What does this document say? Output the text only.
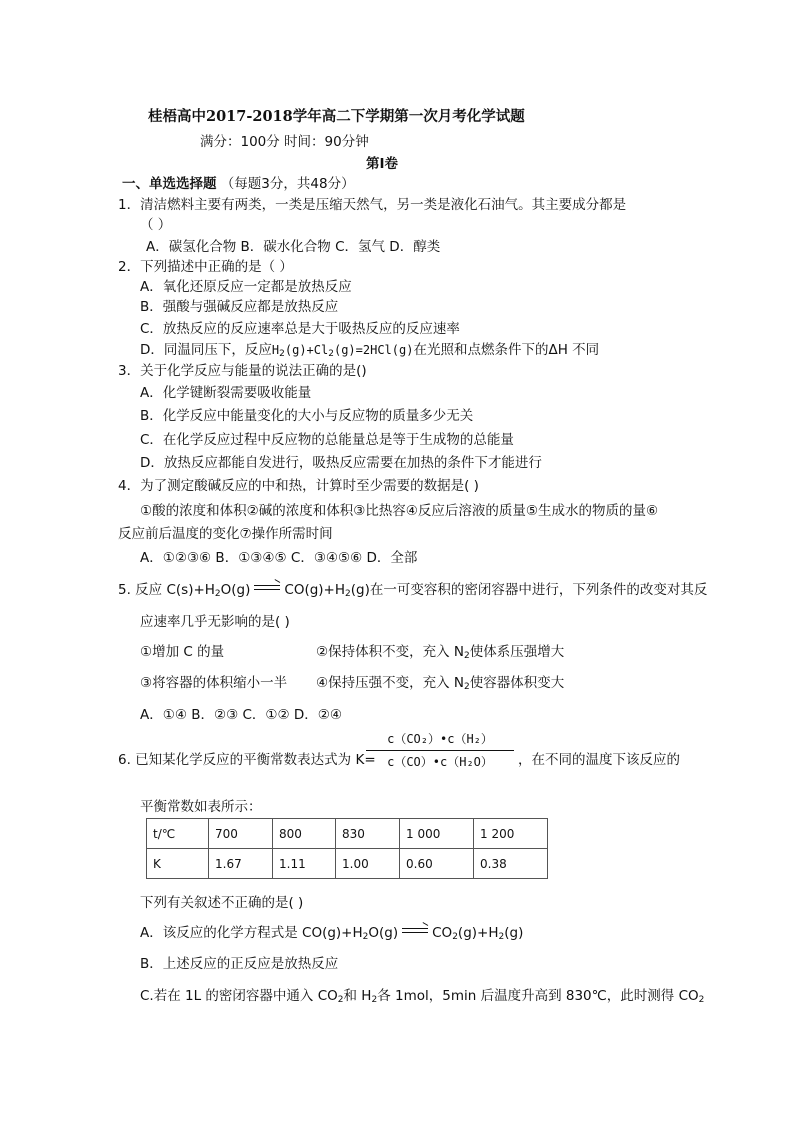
桂梧高中2017-2018学年高二下学期第一次月考化学试题
满分：100分 时间：90分钟
第I卷
一、单选选择题 （每题3分，共48分）
1．清洁燃料主要有两类，一类是压缩天然气，另一类是液化石油气。其主要成分都是
（ ）
A．碳氢化合物 B．碳水化合物 C．氢气 D．醇类
2．下列描述中正确的是（ ）
A．氧化还原反应一定都是放热反应
B．强酸与强碱反应都是放热反应
C．放热反应的反应速率总是大于吸热反应的反应速率
D．同温同压下，反应$H_2(g)+Cl_2(g)=2HCl(g)$在光照和点燃条件下的ΔH 不同
3．关于化学反应与能量的说法正确的是()
A．化学键断裂需要吸收能量
B．化学反应中能量变化的大小与反应物的质量多少无关
C．在化学反应过程中反应物的总能量总是等于生成物的总能量
D．放热反应都能自发进行，吸热反应需要在加热的条件下才能进行
4．为了测定酸碱反应的中和热，计算时至少需要的数据是( )
①酸的浓度和体积②碱的浓度和体积③比热容④反应后溶液的质量⑤生成水的物质的量⑥
反应前后温度的变化⑦操作所需时间
A．①②③⑥ B．①③④⑤ C．③④⑤⑥ D．全部
5. 反应 $C(s)+H_2O(g) \to CO(g)+H_2(g)$在一可变容积的密闭容器中进行，下列条件的改变对其反
应速率几乎无影响的是( )
①增加 C 的量	②保持体积不变，充入 $N_2$使体系压强增大
③将容器的体积缩小一半 ④保持压强不变，充入 $N_2$使容器体积变大
A．①④ B．②③ C．①② D．②④
6. 已知某化学反应的平衡常数表达式为 K=
$\frac{\text{c（CO₂）•c（H₂）}}{\text{c（CO）•c（H₂O）}}$ ，在不同的温度下该反应的
平衡常数如表所示：
t/℃	700	800	830	1 000	1 200
K	1.67	1.11	1.00	0.60	0.38
下列有关叙述不正确的是( )
A．该反应的化学方程式是 $CO(g)+H_2O(g) \to CO_2(g)+H_2(g)$
B．上述反应的正反应是放热反应
C.若在 1L 的密闭容器中通入 $CO_2$和 $H_2$各 1mol，5min 后温度升高到 830℃，此时测得 $CO_2$
